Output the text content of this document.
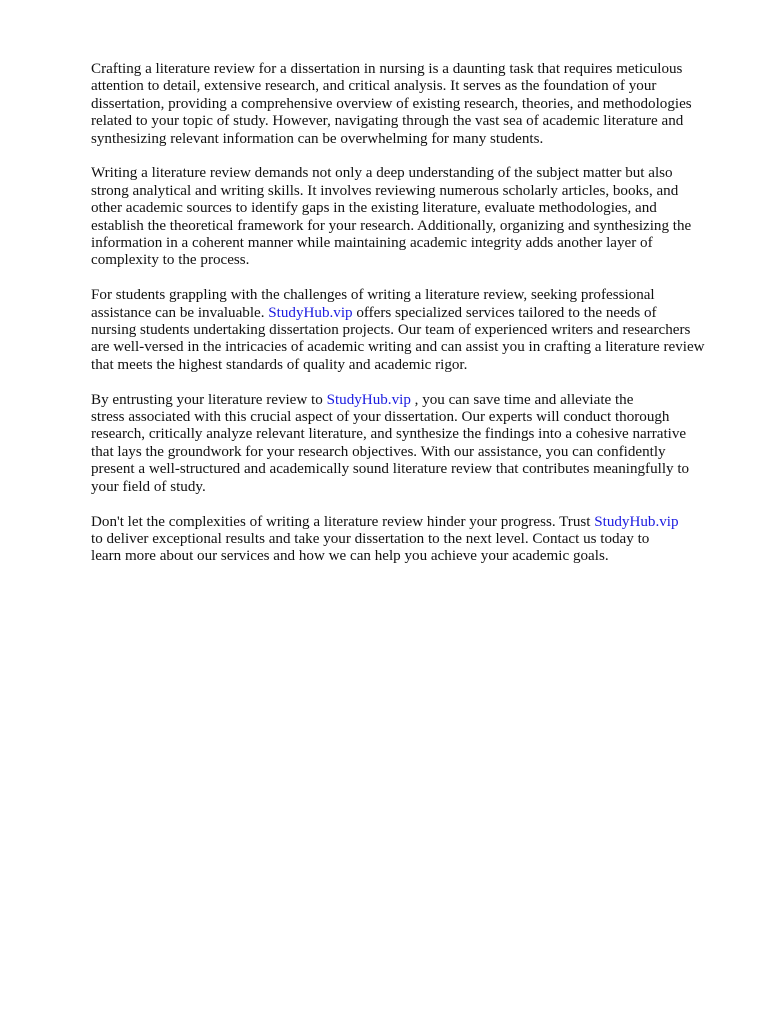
Crafting a literature review for a dissertation in nursing is a daunting task that requires meticulous
attention to detail, extensive research, and critical analysis. It serves as the foundation of your
dissertation, providing a comprehensive overview of existing research, theories, and methodologies
related to your topic of study. However, navigating through the vast sea of academic literature and
synthesizing relevant information can be overwhelming for many students.

Writing a literature review demands not only a deep understanding of the subject matter but also
strong analytical and writing skills. It involves reviewing numerous scholarly articles, books, and
other academic sources to identify gaps in the existing literature, evaluate methodologies, and
establish the theoretical framework for your research. Additionally, organizing and synthesizing the
information in a coherent manner while maintaining academic integrity adds another layer of
complexity to the process.

For students grappling with the challenges of writing a literature review, seeking professional
assistance can be invaluable. StudyHub.vip offers specialized services tailored to the needs of
nursing students undertaking dissertation projects. Our team of experienced writers and researchers
are well-versed in the intricacies of academic writing and can assist you in crafting a literature review
that meets the highest standards of quality and academic rigor.

By entrusting your literature review to StudyHub.vip , you can save time and alleviate the
stress associated with this crucial aspect of your dissertation. Our experts will conduct thorough
research, critically analyze relevant literature, and synthesize the findings into a cohesive narrative
that lays the groundwork for your research objectives. With our assistance, you can confidently
present a well-structured and academically sound literature review that contributes meaningfully to
your field of study.

Don't let the complexities of writing a literature review hinder your progress. Trust StudyHub.vip
to deliver exceptional results and take your dissertation to the next level. Contact us today to
learn more about our services and how we can help you achieve your academic goals.
